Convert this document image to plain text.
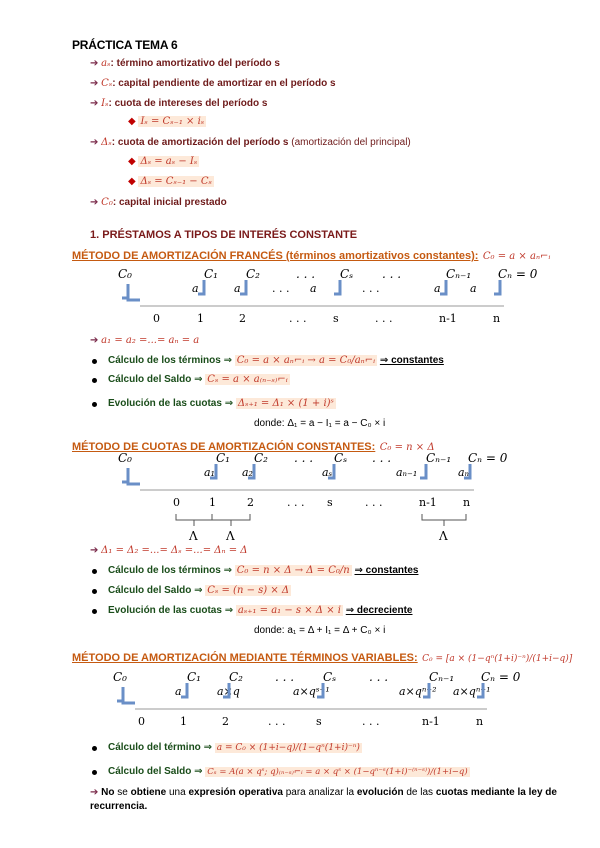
PRÁCTICA TEMA 6
➔ aₛ: término amortizativo del período s
➔ Cₛ: capital pendiente de amortizar en el período s
➔ Iₛ: cuota de intereses del período s
◆ Iₛ = Cₛ₋₁ × iₛ
➔ Δₛ: cuota de amortización del período s (amortización del principal)
◆ Δₛ = aₛ − Iₛ
◆ Δₛ = Cₛ₋₁ − Cₛ
➔ C₀: capital inicial prestado
1. PRÉSTAMOS A TIPOS DE INTERÉS CONSTANTE
MÉTODO DE AMORTIZACIÓN FRANCÉS (términos amortizativos constantes): C₀ = a × aₙ⌐ᵢ
C₀	C₁ C₂	. . . Cₛ . . .	Cₙ₋₁ Cₙ = 0
0	1	2	. . . s	. . .	n-1	n
a	a	a	a	a
. . .	. . .
➔ a₁ = a₂ =...= aₙ = a
Cálculo de los términos ⇒ C₀ = a × aₙ⌐ᵢ → a = C₀/aₙ⌐ᵢ ⇒ constantes
Cálculo del Saldo ⇒ Cₛ = a × a₍ₙ₋ₛ₎⌐ᵢ
Evolución de las cuotas ⇒ Δₛ₊₁ = Δ₁ × (1 + i)ˢ
donde: Δ₁ = a − I₁ = a − C₀ × i
MÉTODO DE CUOTAS DE AMORTIZACIÓN CONSTANTES: C₀ = n × Δ
C₀	C₁ C₂ . . . Cₛ . . .	Cₙ₋₁ Cₙ = 0
0	1	2	. . . s	. . .	n-1 n
a₁ a₂	aₛ	aₙ₋₁	aₙ
Λ Λ	Λ
➔ Δ₁ = Δ₂ =...= Δₛ =...= Δₙ = Δ
Cálculo de los términos ⇒ C₀ = n × Δ → Δ = C₀/n ⇒ constantes
Cálculo del Saldo ⇒ Cₛ = (n − s) × Δ
Evolución de las cuotas ⇒ aₛ₊₁ = a₁ − s × Δ × i ⇒ decreciente
donde: a₁ = Δ + I₁ = Δ + C₀ × i
MÉTODO DE AMORTIZACIÓN MEDIANTE TÉRMINOS VARIABLES: C₀ = [a × (1−qⁿ(1+i)⁻ⁿ)/(1+i−q)]
C₀	C₁ C₂	. . . Cₛ	. . .	Cₙ₋₁ Cₙ = 0
0	1	2	. . .	s	. . .	n-1	n
a	a×q	a×qˢ⁻¹	a×qⁿ⁻² a×qⁿ⁻¹
Cálculo del término ⇒ a = C₀ × (1+i−q)/(1−qⁿ(1+i)⁻ⁿ)
Cálculo del Saldo ⇒ Cₛ = A(a × qˢ; q)₍ₙ₋ₛ₎⌐ᵢ = a × qˢ × (1−qⁿ⁻ˢ(1+i)⁻⁽ⁿ⁻ˢ⁾)/(1+i−q)
➔ No se obtiene una expresión operativa para analizar la evolución de las cuotas mediante la ley de recurrencia.
